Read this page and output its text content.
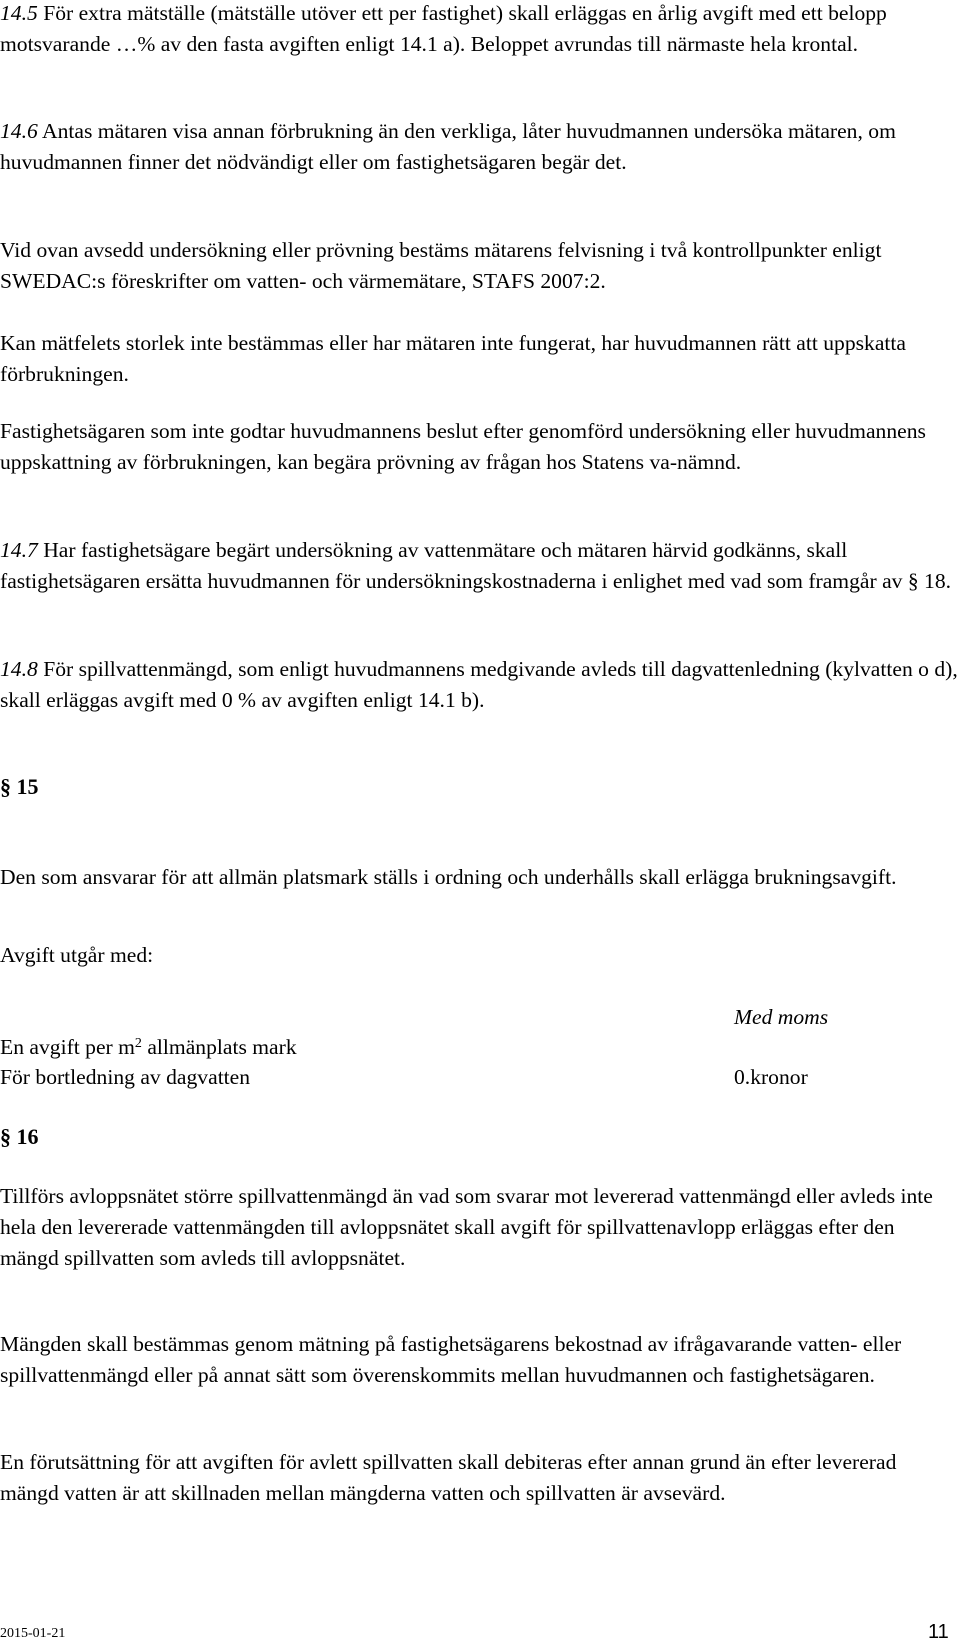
14.5 För extra mätställe (mätställe utöver ett per fastighet) skall erläggas en årlig avgift med ett belopp motsvarande …% av den fasta avgiften enligt 14.1 a). Beloppet avrundas till närmaste hela krontal.

14.6 Antas mätaren visa annan förbrukning än den verkliga, låter huvudmannen undersöka mätaren, om huvudmannen finner det nödvändigt eller om fastighetsägaren begär det.

Vid ovan avsedd undersökning eller prövning bestäms mätarens felvisning i två kontrollpunkter enligt SWEDAC:s föreskrifter om vatten- och värmemätare, STAFS 2007:2.

Kan mätfelets storlek inte bestämmas eller har mätaren inte fungerat, har huvudmannen rätt att uppskatta förbrukningen.

Fastighetsägaren som inte godtar huvudmannens beslut efter genomförd undersökning eller huvudmannens uppskattning av förbrukningen, kan begära prövning av frågan hos Statens va-nämnd.

14.7 Har fastighetsägare begärt undersökning av vattenmätare och mätaren härvid godkänns, skall fastighetsägaren ersätta huvudmannen för undersökningskostnaderna i enlighet med vad som framgår av § 18.

14.8 För spillvattenmängd, som enligt huvudmannens medgivande avleds till dagvattenledning (kylvatten o d), skall erläggas avgift med 0 % av avgiften enligt 14.1 b).

§ 15

Den som ansvarar för att allmän platsmark ställs i ordning och underhålls skall erlägga brukningsavgift.

Avgift utgår med:

Med moms
En avgift per $m^2$ allmänplats mark
För bortledning av dagvatten	0.kronor
§ 16

Tillförs avloppsnätet större spillvattenmängd än vad som svarar mot levererad vattenmängd eller avleds inte hela den levererade vattenmängden till avloppsnätet skall avgift för spillvattenavlopp erläggas efter den mängd spillvatten som avleds till avloppsnätet.

Mängden skall bestämmas genom mätning på fastighetsägarens bekostnad av ifrågavarande vatten- eller spillvattenmängd eller på annat sätt som överenskommits mellan huvudmannen och fastighetsägaren.

En förutsättning för att avgiften för avlett spillvatten skall debiteras efter annan grund än efter levererad mängd vatten är att skillnaden mellan mängderna vatten och spillvatten är avsevärd.

2015-01-21	11
